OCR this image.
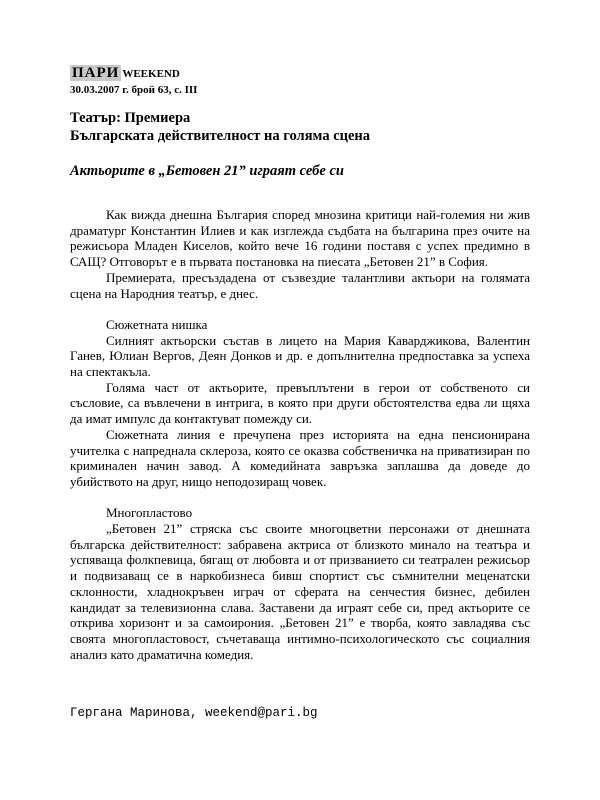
ПАРИ WEEKEND
30.03.2007 г. брой 63, с. III
Театър: Премиера
Българската действителност на голяма сцена
Актьорите в „Бетовен 21” играят себе си

Как вижда днешна България според мнозина критици най-големия ни жив драматург Константин Илиев и как изглежда съдбата на българина през очите на режисьора Младен Киселов, който вече 16 години поставя с успех предимно в САЩ? Отговорът е в първата постановка на пиесата „Бетовен 21” в София.

Премиерата, пресъздадена от съзвездие талантливи актьори на голямата сцена на Народния театър, е днес.

Сюжетната нишка

Силният актьорски състав в лицето на Мария Каварджикова, Валентин Ганев, Юлиан Вергов, Деян Донков и др. е допълнителна предпоставка за успеха на спектакъла.

Голяма част от актьорите, превъплътени в герои от собственото си съсловие, са въвлечени в интрига, в която при други обстоятелства едва ли щяха да имат импулс да контактуват помежду си.

Сюжетната линия е пречупена през историята на една пенсионирана учителка с напреднала склероза, която се оказва собственичка на приватизиран по криминален начин завод. А комедийната завръзка заплашва да доведе до убийството на друг, нищо неподозиращ човек.

Многопластово

„Бетовен 21” стряска със своите многоцветни персонажи от днешната българска действителност: забравена актриса от близкото минало на театъра и успяваща фолкпевица, бягащ от любовта и от призванието си театрален режисьор и подвизаващ се в наркобизнеса бивш спортист със съмнителни меценатски склонности, хладнокръвен играч от сферата на сенчестия бизнес, дебилен кандидат за телевизионна слава. Заставени да играят себе си, пред актьорите се открива хоризонт и за самоирония. „Бетовен 21” е творба, която завладява със своята многопластовост, съчетаваща интимно-психологическото със социалния анализ като драматична комедия.

Гергана Маринова, weekend@pari.bg
